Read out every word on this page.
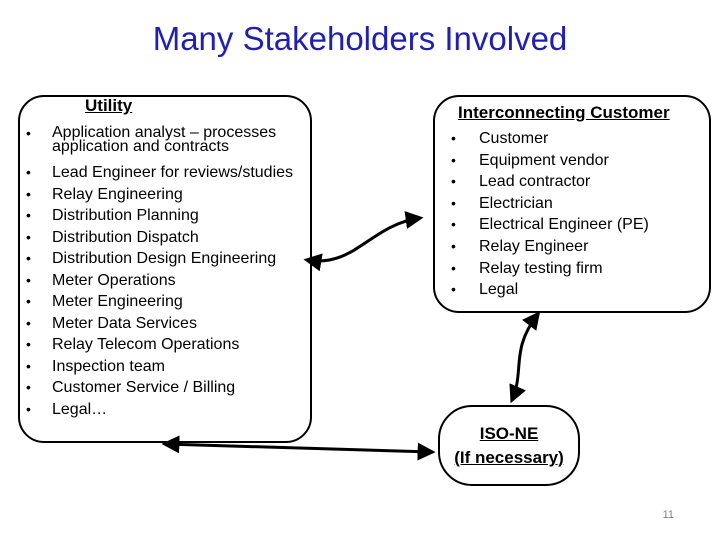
Many Stakeholders Involved
Utility
• Application analyst – processes
application and contracts
• Lead Engineer for reviews/studies
• Relay Engineering
• Distribution Planning
• Distribution Dispatch
• Distribution Design Engineering
• Meter Operations
• Meter Engineering
• Meter Data Services
• Relay Telecom Operations
• Inspection team
• Customer Service / Billing
• Legal…
Interconnecting Customer
• Customer
• Equipment vendor
• Lead contractor
• Electrician
• Electrical Engineer (PE)
• Relay Engineer
• Relay testing firm
• Legal
ISO-NE
(If necessary)
11
